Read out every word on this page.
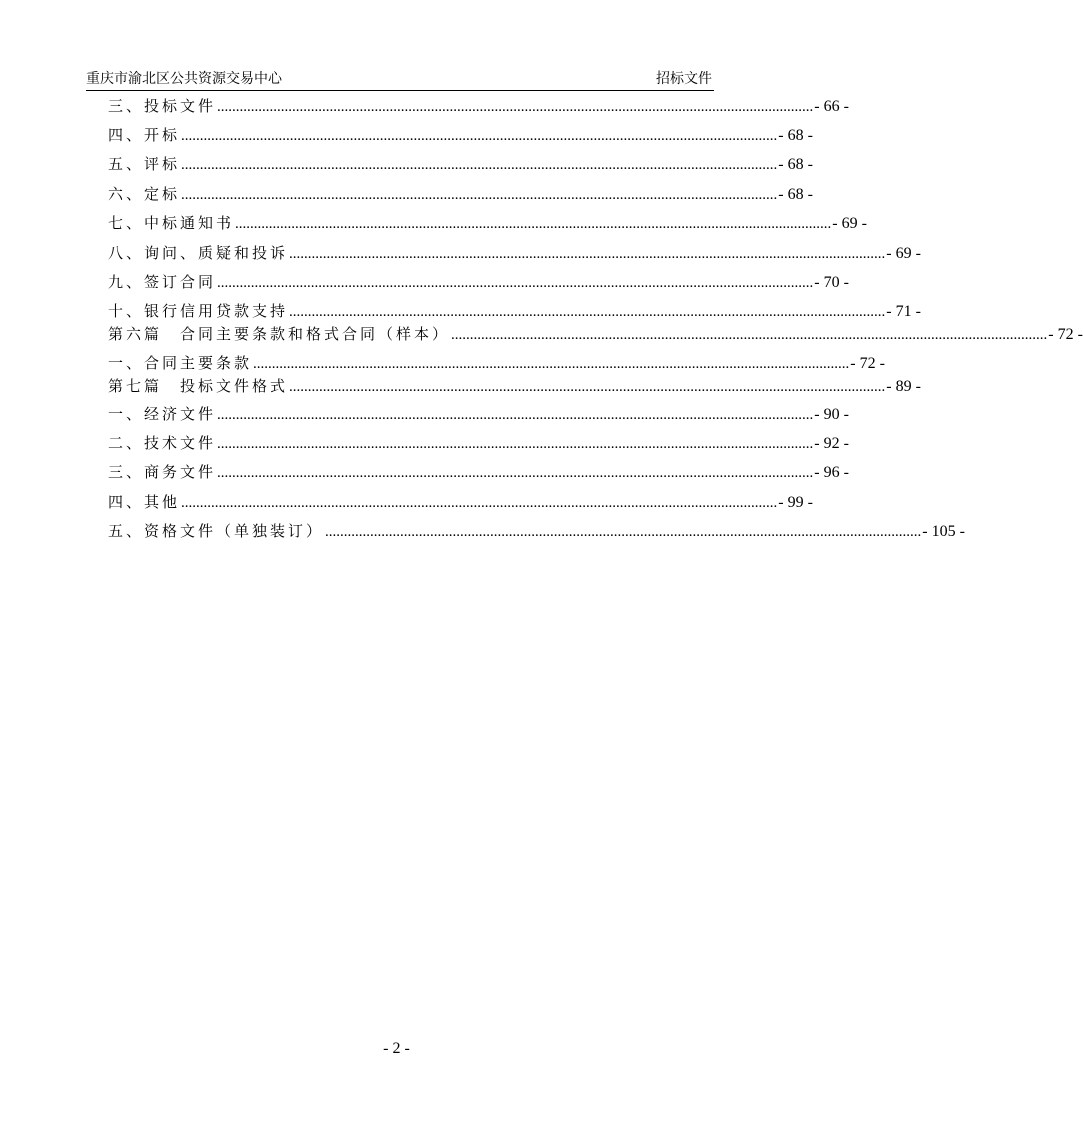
重庆市渝北区公共资源交易中心	招标文件
三、投标文件 ............................................................................................................................................................... - 66 -
四、开标 ............................................................................................................................................................... - 68 -
五、评标 ............................................................................................................................................................... - 68 -
六、定标 ............................................................................................................................................................... - 68 -
七、中标通知书 ............................................................................................................................................................... - 69 -
八、询问、质疑和投诉 ............................................................................................................................................................... - 69 -
九、签订合同 ............................................................................................................................................................... - 70 -
十、银行信用贷款支持 ............................................................................................................................................................... - 71 -
第六篇　合同主要条款和格式合同（样本） ............................................................................................................................................................... - 72 -
一、合同主要条款 ............................................................................................................................................................... - 72 -
第七篇　投标文件格式 ............................................................................................................................................................... - 89 -
一、经济文件 ............................................................................................................................................................... - 90 -
二、技术文件 ............................................................................................................................................................... - 92 -
三、商务文件 ............................................................................................................................................................... - 96 -
四、其他 ............................................................................................................................................................... - 99 -
五、资格文件（单独装订） ............................................................................................................................................................... - 105 -
- 2 -
